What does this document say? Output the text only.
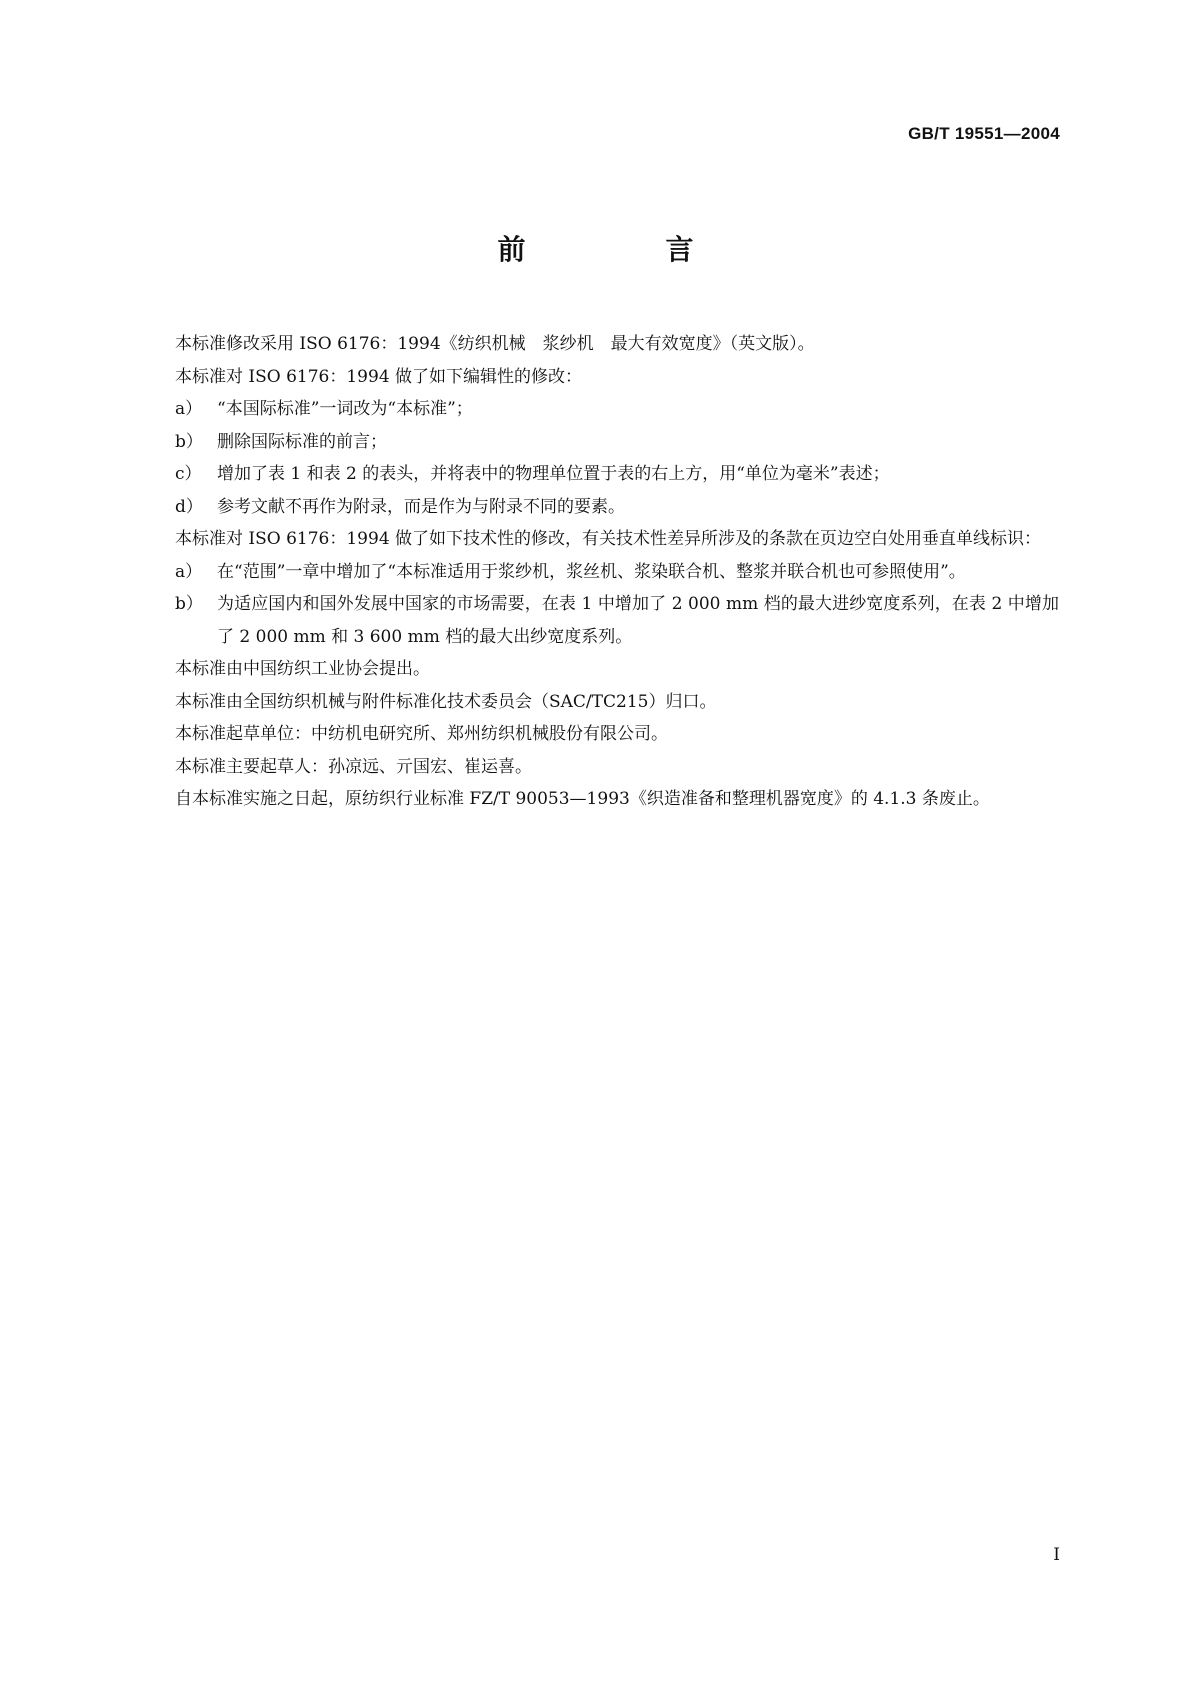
GB/T 19551—2004
前　言

本标准修改采用 ISO 6176：1994《纺织机械　浆纱机　最大有效宽度》（英文版）。

本标准对 ISO 6176：1994 做了如下编辑性的修改：

a） “本国际标准”一词改为“本标准”；
b） 删除国际标准的前言；
c） 增加了表 1 和表 2 的表头，并将表中的物理单位置于表的右上方，用“单位为毫米”表述；
d） 参考文献不再作为附录，而是作为与附录不同的要素。

本标准对 ISO 6176：1994 做了如下技术性的修改，有关技术性差异所涉及的条款在页边空白处用垂直单线标识：

a） 在“范围”一章中增加了“本标准适用于浆纱机，浆丝机、浆染联合机、整浆并联合机也可参照使用”。
b） 为适应国内和国外发展中国家的市场需要，在表 1 中增加了 2 000 mm 档的最大进纱宽度系列，在表 2 中增加了 2 000 mm 和 3 600 mm 档的最大出纱宽度系列。

本标准由中国纺织工业协会提出。

本标准由全国纺织机械与附件标准化技术委员会（SAC/TC215）归口。

本标准起草单位：中纺机电研究所、郑州纺织机械股份有限公司。

本标准主要起草人：孙凉远、亓国宏、崔运喜。

自本标准实施之日起，原纺织行业标准 FZ/T 90053—1993《织造准备和整理机器宽度》的 4.1.3 条废止。

I
